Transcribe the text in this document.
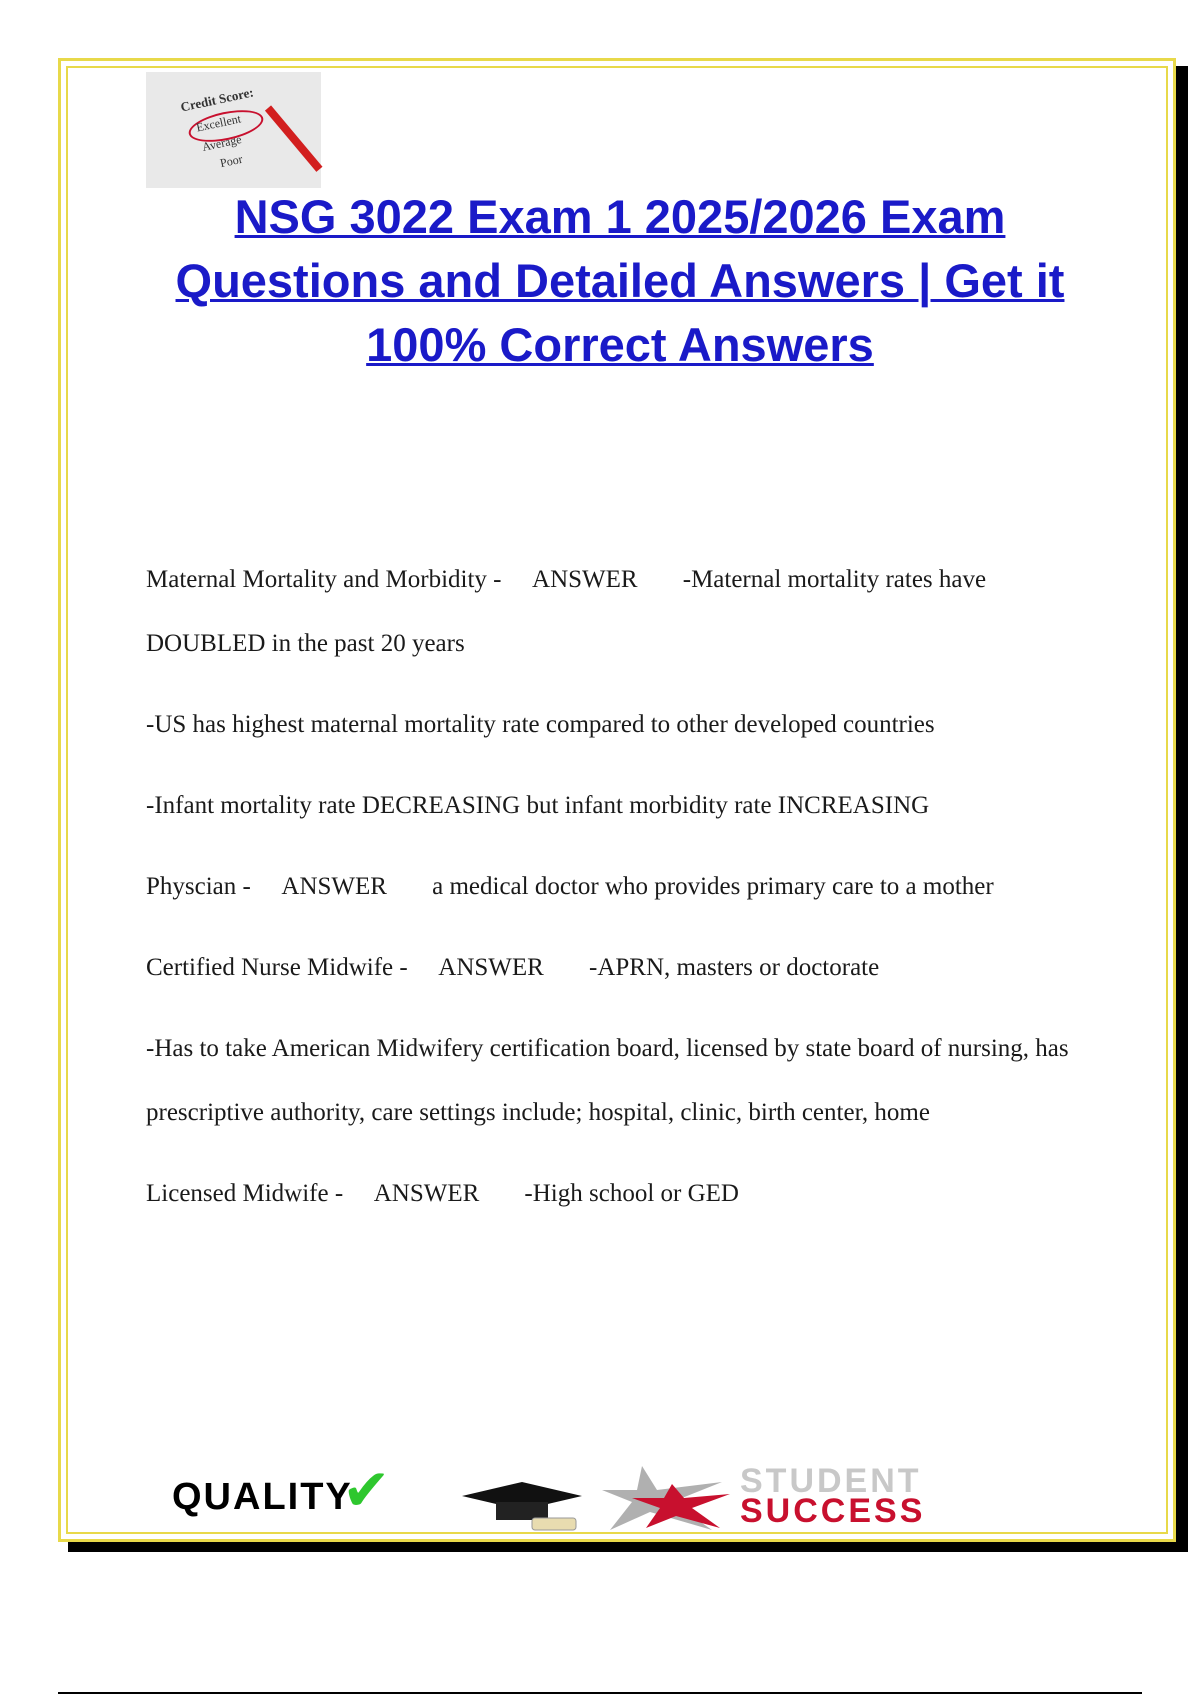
Credit Score:
Excellent
Average
Poor
NSG 3022 Exam 1 2025/2026 Exam Questions and Detailed Answers | Get it 100% Correct Answers

Maternal Mortality and Morbidity -   ANSWER ✓✓-Maternal mortality rates have DOUBLED in the past 20 years

-US has highest maternal mortality rate compared to other developed countries

-Infant mortality rate DECREASING but infant morbidity rate INCREASING

Physcian -   ANSWER ✓✓a medical doctor who provides primary care to a mother

Certified Nurse Midwife -   ANSWER ✓✓-APRN, masters or doctorate

-Has to take American Midwifery certification board, licensed by state board of nursing, has prescriptive authority, care settings include; hospital, clinic, birth center, home

Licensed Midwife -   ANSWER ✓✓-High school or GED

QUALITY
✔	STUDENT
SUCCESS
